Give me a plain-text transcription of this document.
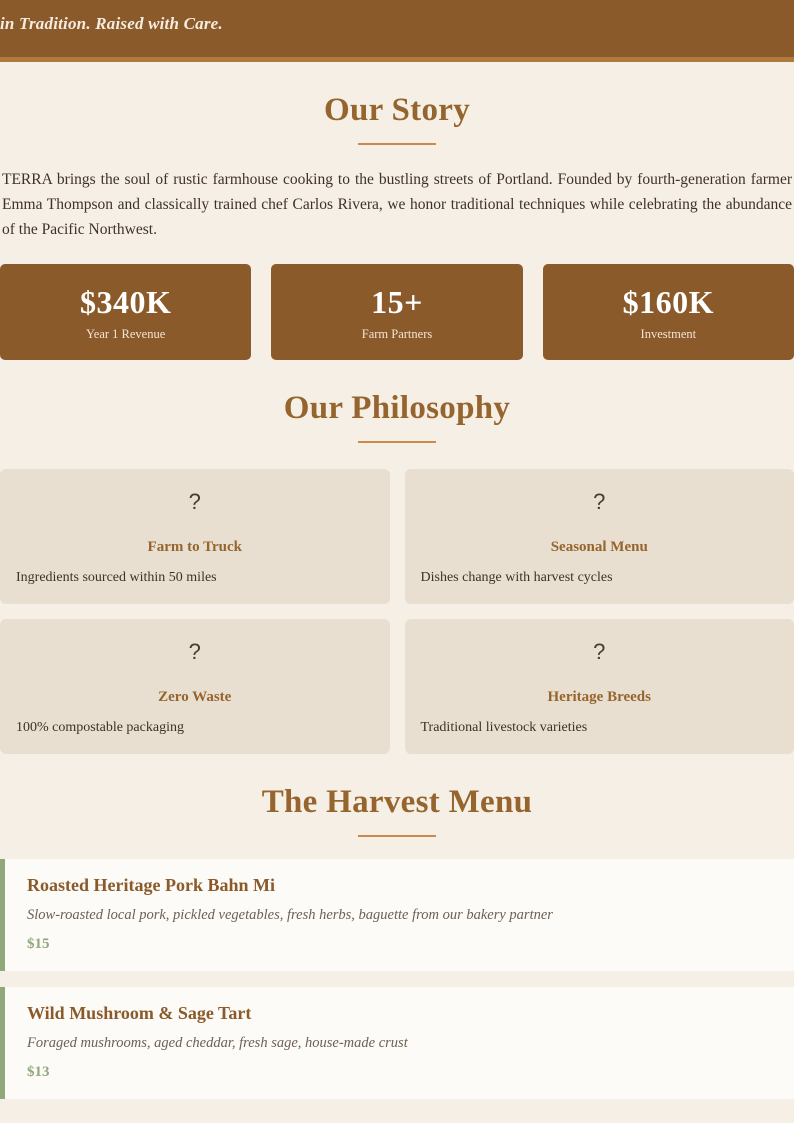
in Tradition. Raised with Care.
Our Story

TERRA brings the soul of rustic farmhouse cooking to the bustling streets of Portland. Founded by fourth-generation farmer Emma Thompson and classically trained chef Carlos Rivera, we honor traditional techniques while celebrating the abundance of the Pacific Northwest.

$340K
Year 1 Revenue
15+
Farm Partners
$160K
Investment
Our Philosophy
?
Farm to Truck
Ingredients sourced within 50 miles
?
Seasonal Menu
Dishes change with harvest cycles
?
Zero Waste
100% compostable packaging
?
Heritage Breeds
Traditional livestock varieties
The Harvest Menu
Roasted Heritage Pork Bahn Mi
Slow-roasted local pork, pickled vegetables, fresh herbs, baguette from our bakery partner
$15
Wild Mushroom & Sage Tart
Foraged mushrooms, aged cheddar, fresh sage, house-made crust
$13
